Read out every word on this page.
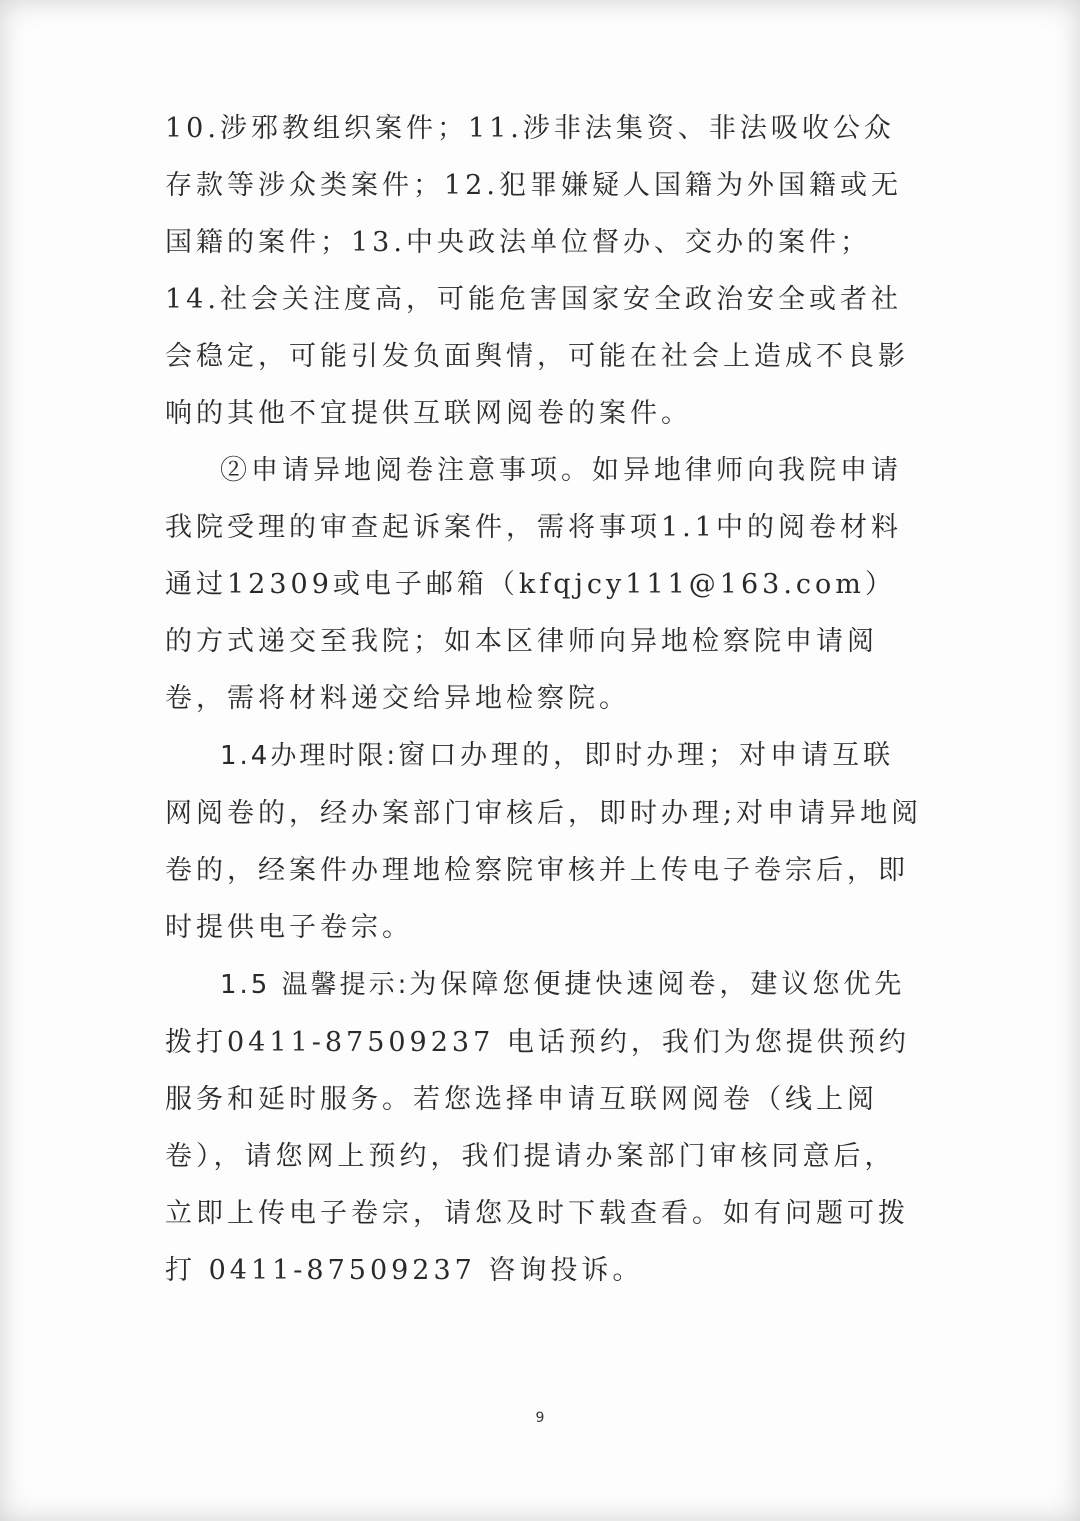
10.涉邪教组织案件；11.涉非法集资、非法吸收公众存款等涉众类案件；12.犯罪嫌疑人国籍为外国籍或无国籍的案件；13.中央政法单位督办、交办的案件；14.社会关注度高，可能危害国家安全政治安全或者社会稳定，可能引发负面舆情，可能在社会上造成不良影响的其他不宜提供互联网阅卷的案件。

②申请异地阅卷注意事项。如异地律师向我院申请我院受理的审查起诉案件，需将事项1.1中的阅卷材料通过12309或电子邮箱（kfqjcy111@163.com）的方式递交至我院；如本区律师向异地检察院申请阅卷，需将材料递交给异地检察院。

1.4办理时限:窗口办理的，即时办理；对申请互联网阅卷的，经办案部门审核后，即时办理;对申请异地阅卷的，经案件办理地检察院审核并上传电子卷宗后，即时提供电子卷宗。

1.5 温馨提示:为保障您便捷快速阅卷，建议您优先拨打0411-87509237 电话预约，我们为您提供预约服务和延时服务。若您选择申请互联网阅卷（线上阅卷），请您网上预约，我们提请办案部门审核同意后，立即上传电子卷宗，请您及时下载查看。如有问题可拨打 0411-87509237 咨询投诉。

9
